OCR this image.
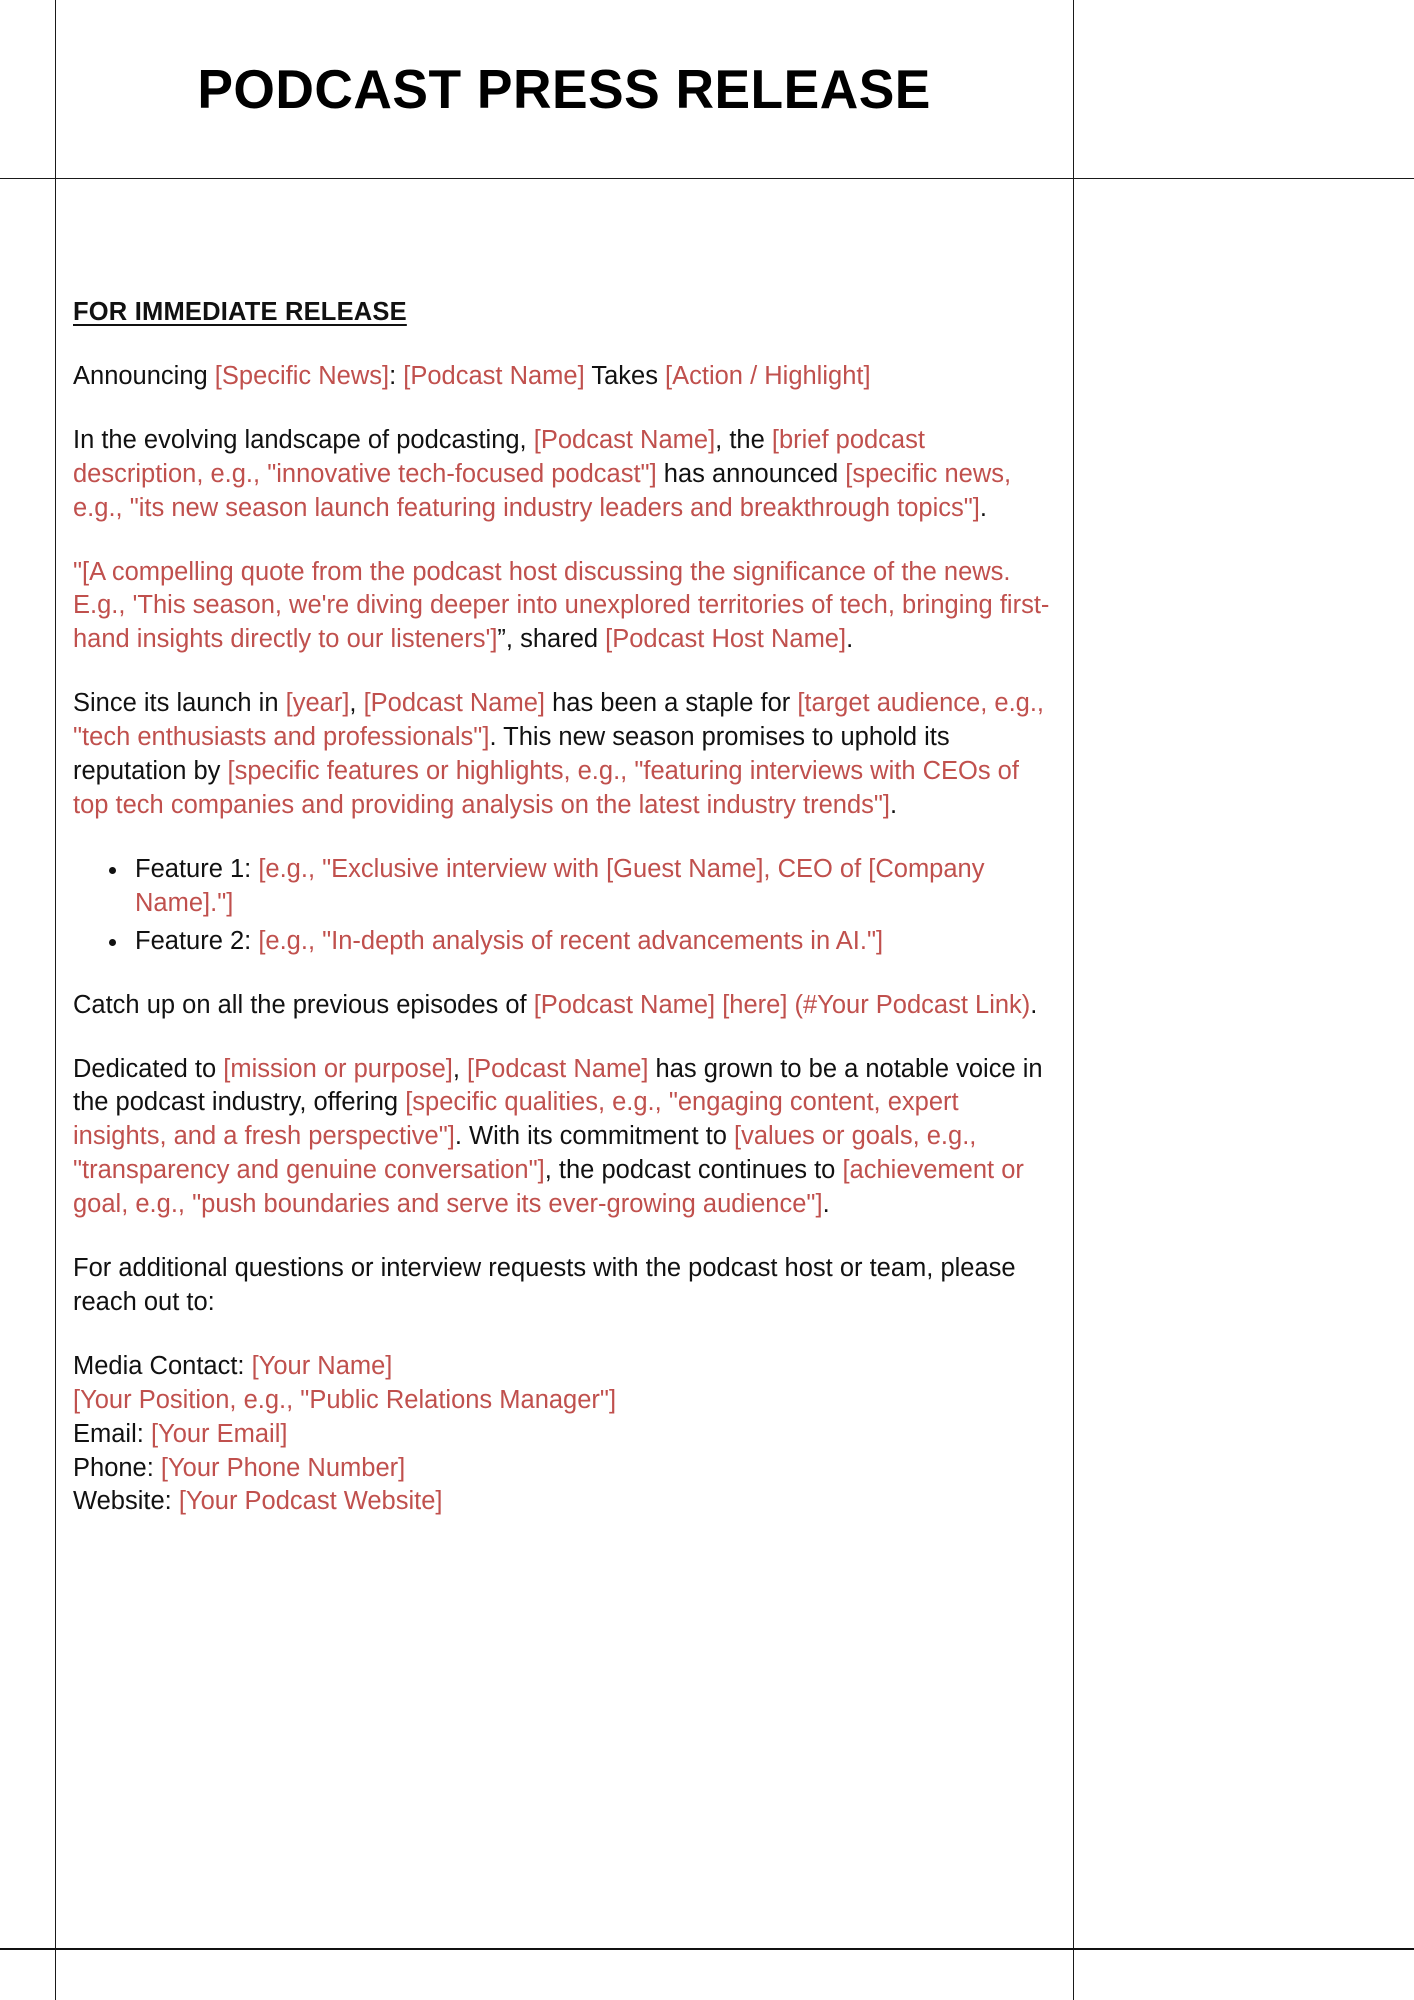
PODCAST PRESS RELEASE

FOR IMMEDIATE RELEASE

Announcing [Specific News]: [Podcast Name] Takes [Action / Highlight]

In the evolving landscape of podcasting, [Podcast Name], the [brief podcast description, e.g., "innovative tech-focused podcast"] has announced [specific news, e.g., "its new season launch featuring industry leaders and breakthrough topics"].

"[A compelling quote from the podcast host discussing the significance of the news. E.g., 'This season, we're diving deeper into unexplored territories of tech, bringing first-hand insights directly to our listeners']”, shared [Podcast Host Name].

Since its launch in [year], [Podcast Name] has been a staple for [target audience, e.g., "tech enthusiasts and professionals"]. This new season promises to uphold its reputation by [specific features or highlights, e.g., "featuring interviews with CEOs of top tech companies and providing analysis on the latest industry trends"].

• Feature 1: [e.g., "Exclusive interview with [Guest Name], CEO of [Company Name]."]
• Feature 2: [e.g., "In-depth analysis of recent advancements in AI."]

Catch up on all the previous episodes of [Podcast Name] [here] (#Your Podcast Link).

Dedicated to [mission or purpose], [Podcast Name] has grown to be a notable voice in the podcast industry, offering [specific qualities, e.g., "engaging content, expert insights, and a fresh perspective"]. With its commitment to [values or goals, e.g., "transparency and genuine conversation"], the podcast continues to [achievement or goal, e.g., "push boundaries and serve its ever-growing audience"].

For additional questions or interview requests with the podcast host or team, please reach out to:

Media Contact: [Your Name]
[Your Position, e.g., "Public Relations Manager"]
Email: [Your Email]
Phone: [Your Phone Number]
Website: [Your Podcast Website]
